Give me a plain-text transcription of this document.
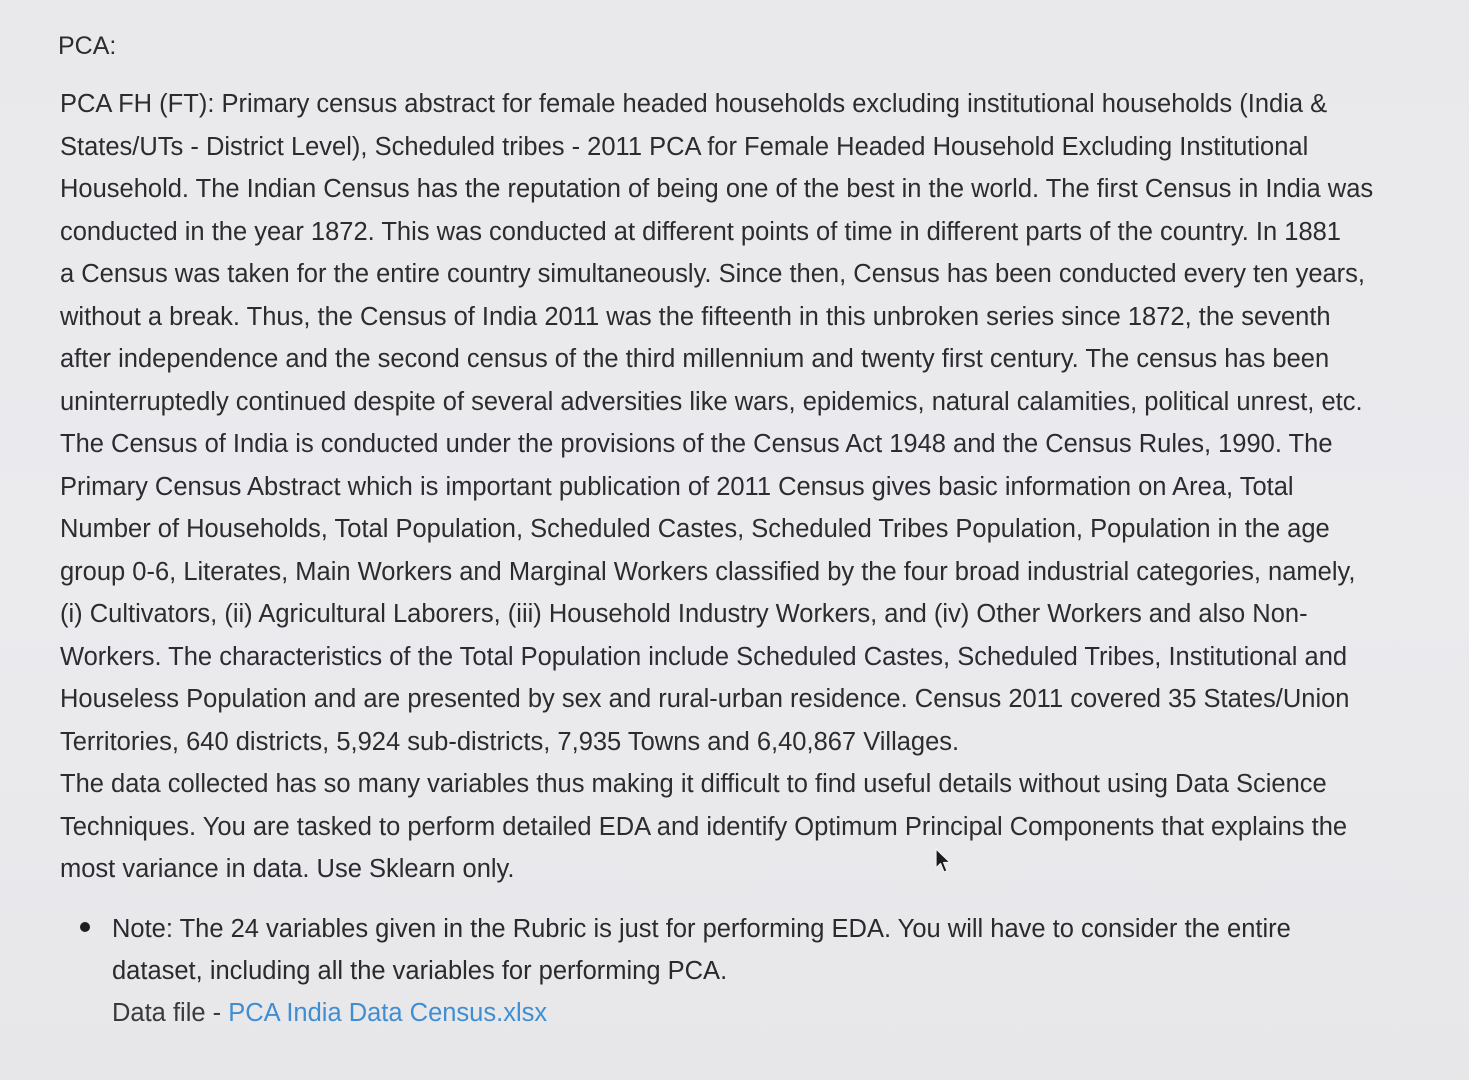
PCA:
PCA FH (FT): Primary census abstract for female headed households excluding institutional households (India &
States/UTs - District Level), Scheduled tribes - 2011 PCA for Female Headed Household Excluding Institutional
Household. The Indian Census has the reputation of being one of the best in the world. The first Census in India was
conducted in the year 1872. This was conducted at different points of time in different parts of the country. In 1881
a Census was taken for the entire country simultaneously. Since then, Census has been conducted every ten years,
without a break. Thus, the Census of India 2011 was the fifteenth in this unbroken series since 1872, the seventh
after independence and the second census of the third millennium and twenty first century. The census has been
uninterruptedly continued despite of several adversities like wars, epidemics, natural calamities, political unrest, etc.
The Census of India is conducted under the provisions of the Census Act 1948 and the Census Rules, 1990. The
Primary Census Abstract which is important publication of 2011 Census gives basic information on Area, Total
Number of Households, Total Population, Scheduled Castes, Scheduled Tribes Population, Population in the age
group 0-6, Literates, Main Workers and Marginal Workers classified by the four broad industrial categories, namely,
(i) Cultivators, (ii) Agricultural Laborers, (iii) Household Industry Workers, and (iv) Other Workers and also Non-
Workers. The characteristics of the Total Population include Scheduled Castes, Scheduled Tribes, Institutional and
Houseless Population and are presented by sex and rural-urban residence. Census 2011 covered 35 States/Union
Territories, 640 districts, 5,924 sub-districts, 7,935 Towns and 6,40,867 Villages.
The data collected has so many variables thus making it difficult to find useful details without using Data Science
Techniques. You are tasked to perform detailed EDA and identify Optimum Principal Components that explains the
most variance in data. Use Sklearn only.
Note: The 24 variables given in the Rubric is just for performing EDA. You will have to consider the entire
dataset, including all the variables for performing PCA.
Data file - PCA India Data Census.xlsx
